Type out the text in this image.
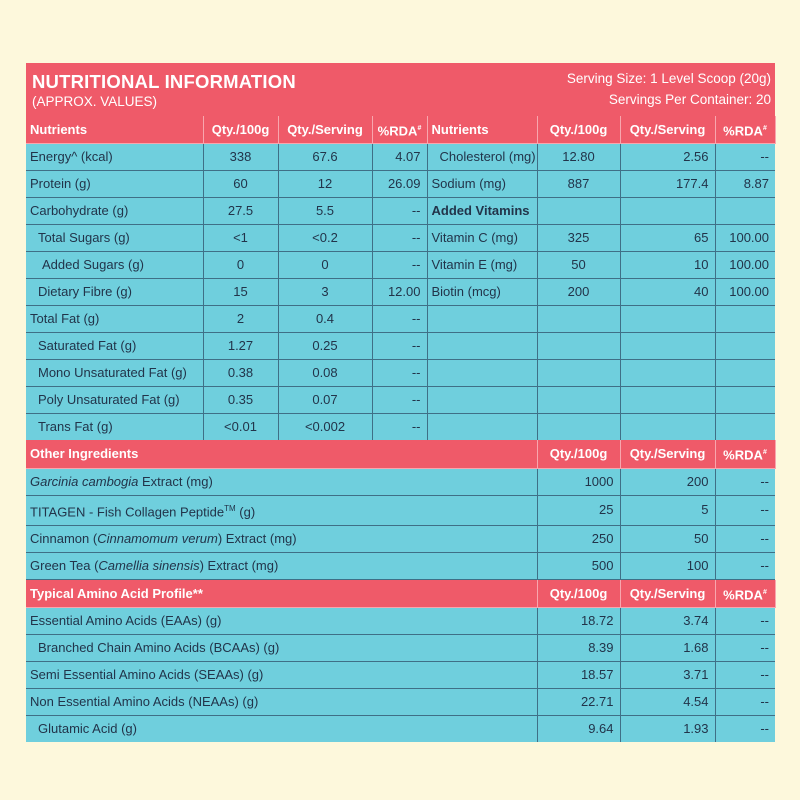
NUTRITIONAL INFORMATION
(APPROX. VALUES)
Serving Size: 1 Level Scoop (20g)
Servings Per Container: 20
Nutrients	Qty./100g	Qty./Serving	%RDA#	Nutrients	Qty./100g	Qty./Serving	%RDA#
Energy^ (kcal)	338	67.6	4.07	Cholesterol (mg)	12.80	2.56	--
Protein (g)	60	12	26.09	Sodium (mg)	887	177.4	8.87
Carbohydrate (g)	27.5	5.5	--	Added Vitamins			
Total Sugars (g)	<1	<0.2	--	Vitamin C (mg)	325	65	100.00
Added Sugars (g)	0	0	--	Vitamin E (mg)	50	10	100.00
Dietary Fibre (g)	15	3	12.00	Biotin (mcg)	200	40	100.00
Total Fat (g)	2	0.4	--				
Saturated Fat (g)	1.27	0.25	--				
Mono Unsaturated Fat (g)	0.38	0.08	--				
Poly Unsaturated Fat (g)	0.35	0.07	--				
Trans Fat (g)	<0.01	<0.002	--				
Other Ingredients	Qty./100g	Qty./Serving	%RDA#
Garcinia cambogia Extract (mg)	1000	200	--
TITAGEN - Fish Collagen Peptide™ (g)	25	5	--
Cinnamon (Cinnamomum verum) Extract (mg)	250	50	--
Green Tea (Camellia sinensis) Extract (mg)	500	100	--
Typical Amino Acid Profile**	Qty./100g	Qty./Serving	%RDA#
Essential Amino Acids (EAAs) (g)	18.72	3.74	--
Branched Chain Amino Acids (BCAAs) (g)	8.39	1.68	--
Semi Essential Amino Acids (SEAAs) (g)	18.57	3.71	--
Non Essential Amino Acids (NEAAs) (g)	22.71	4.54	--
Glutamic Acid (g)	9.64	1.93	--
